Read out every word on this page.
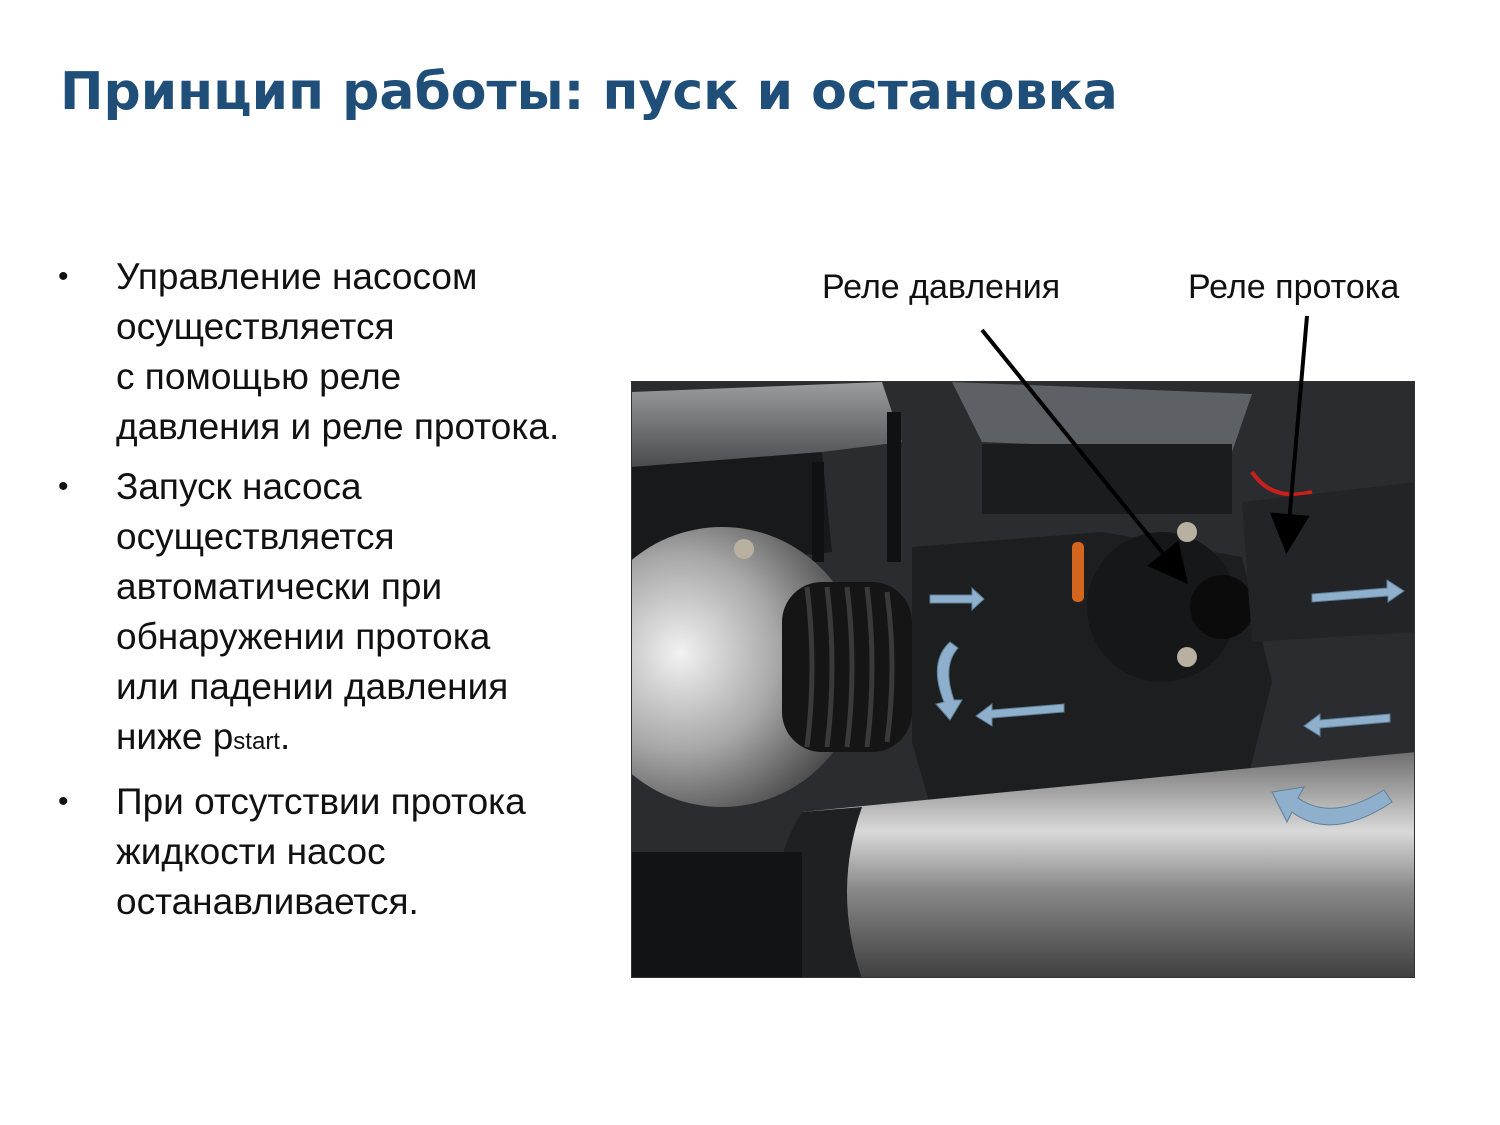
Принцип работы: пуск и остановка
• Управление насосом
осуществляется
с помощью реле
давления и реле протока.
• Запуск насоса
осуществляется
автоматически при
обнаружении протока
или падении давления
ниже pstart.
• При отсутствии протока
жидкости насос
останавливается.
Реле давления	Реле протока
